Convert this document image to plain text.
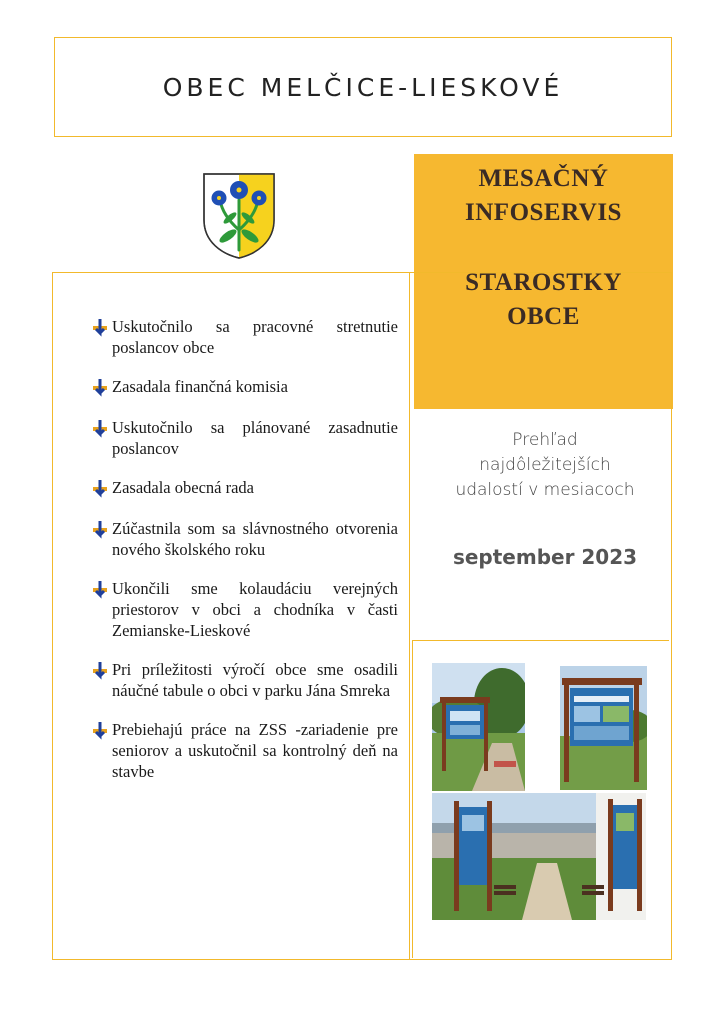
OBEC MELČICE-LIESKOVÉ
MESAČNÝ
INFOSERVIS
STAROSTKY
OBCE
Prehľad
najdôležitejších
udalostí v mesiacoch
september 2023
Uskutočnilo sa pracovné stretnutie poslancov obce
Zasadala finančná komisia
Uskutočnilo sa plánované zasadnutie poslancov
Zasadala obecná rada
Zúčastnila som sa slávnostného otvorenia nového školského roku
Ukončili sme kolaudáciu verejných priestorov v obci a chodníka v časti Zemianske-Lieskové
Pri príležitosti výročí obce sme osadili náučné tabule o obci v parku Jána Smreka
Prebiehajú práce na ZSS -zariadenie pre seniorov a uskutočnil sa kontrolný deň na stavbe
